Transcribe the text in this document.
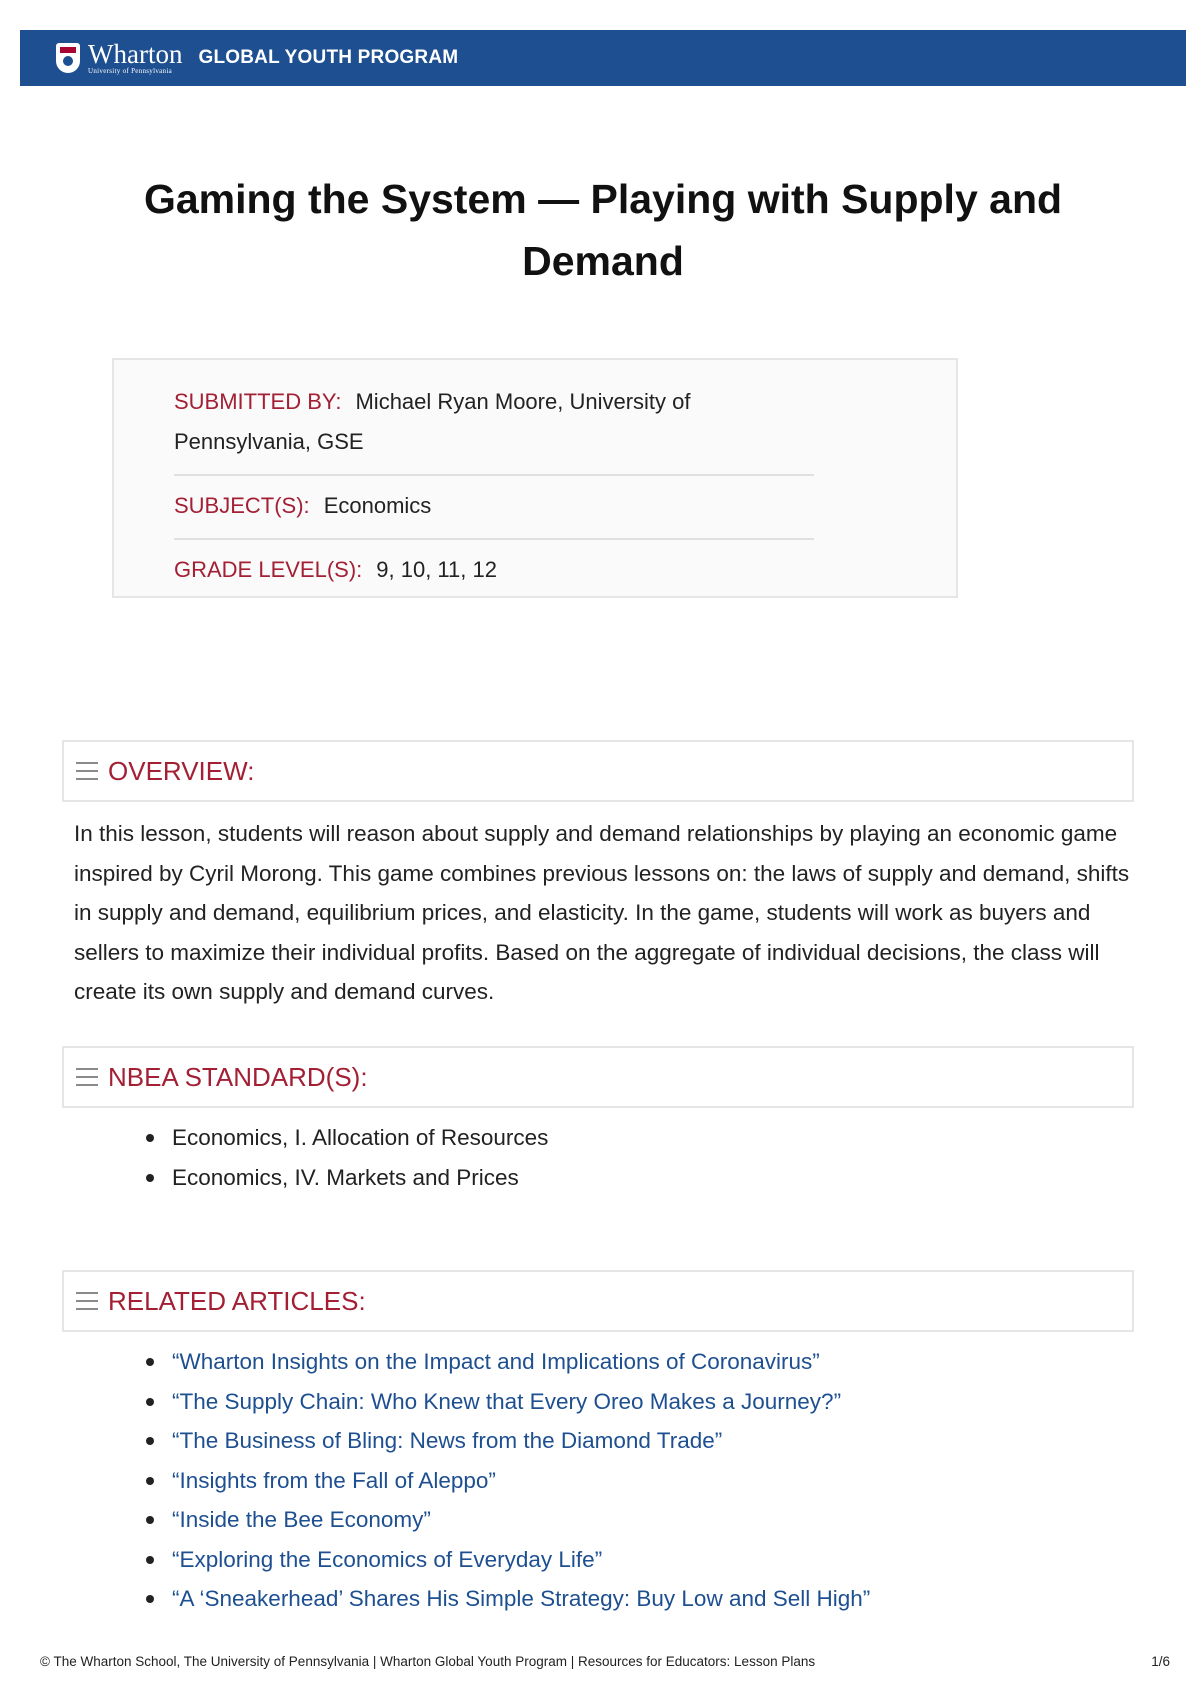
Wharton
University of Pennsylvania
GLOBAL YOUTH PROGRAM
Gaming the System — Playing with Supply and Demand
SUBMITTED BY: Michael Ryan Moore, University of Pennsylvania, GSE
SUBJECT(S): Economics
GRADE LEVEL(S): 9, 10, 11, 12
OVERVIEW:

In this lesson, students will reason about supply and demand relationships by playing an economic game inspired by Cyril Morong. This game combines previous lessons on: the laws of supply and demand, shifts in supply and demand, equilibrium prices, and elasticity. In the game, students will work as buyers and sellers to maximize their individual profits. Based on the aggregate of individual decisions, the class will create its own supply and demand curves.

NBEA STANDARD(S):
Economics, I. Allocation of Resources
Economics, IV. Markets and Prices
RELATED ARTICLES:
“Wharton Insights on the Impact and Implications of Coronavirus”
“The Supply Chain: Who Knew that Every Oreo Makes a Journey?”
“The Business of Bling: News from the Diamond Trade”
“Insights from the Fall of Aleppo”
“Inside the Bee Economy”
“Exploring the Economics of Everyday Life”
“A ‘Sneakerhead’ Shares His Simple Strategy: Buy Low and Sell High”
© The Wharton School, The University of Pennsylvania | Wharton Global Youth Program | Resources for Educators: Lesson Plans	1/6
